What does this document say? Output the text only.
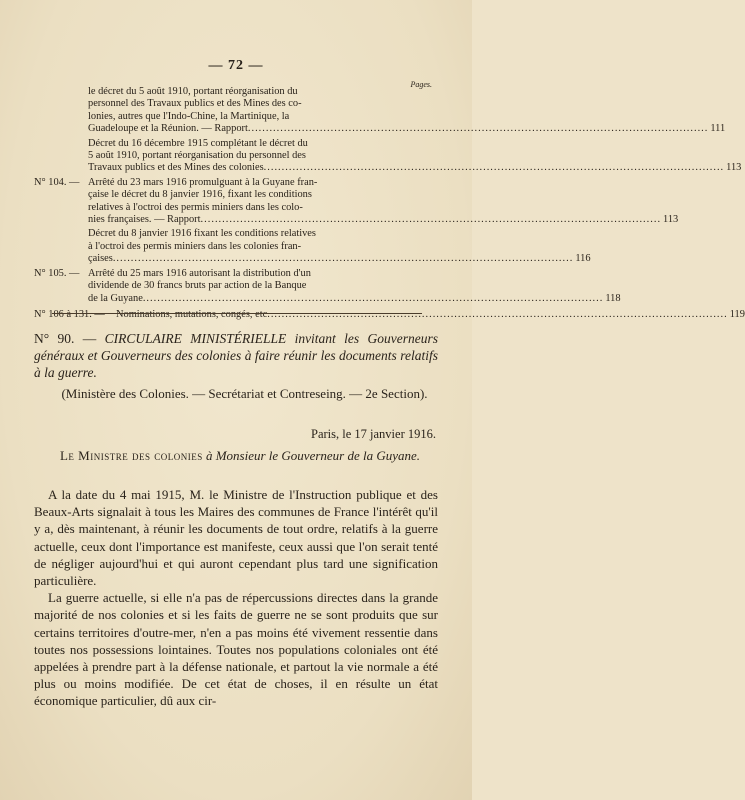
— 72 —
Pages.
le décret du 5 août 1910, portant réorganisation du
personnel des Travaux publics et des Mines des co-
lonies, autres que l'Indo-Chine, la Martinique, la
Guadeloupe et la Réunion. — Rapport .....	111
Décret du 16 décembre 1915 complétant le décret du
5 août 1910, portant réorganisation du personnel des
Travaux publics et des Mines des colonies .....	113
N° 104. — Arrêté du 23 mars 1916 promulguant à la Guyane fran-
çaise le décret du 8 janvier 1916, fixant les conditions
relatives à l'octroi des permis miniers dans les colo-
nies françaises. — Rapport .....	113
Décret du 8 janvier 1916 fixant les conditions relatives
à l'octroi des permis miniers dans les colonies fran-
çaises .....	116
N° 105. — Arrêté du 25 mars 1916 autorisant la distribution d'un
dividende de 30 francs bruts par action de la Banque
de la Guyane .....	118
N° 106 à 131. —	Nominations, mutations, congés, etc .....	119
N° 90. — CIRCULAIRE MINISTÉRIELLE invitant les Gouverneurs généraux et Gouverneurs des colonies à faire réunir les documents relatifs à la guerre.
(Ministère des Colonies. — Secrétariat et Contreseing. — 2e Section).
Paris, le 17 janvier 1916.
Le Ministre des colonies à Monsieur le Gouverneur de la Guyane.

A la date du 4 mai 1915, M. le Ministre de l'Instruction publique et des Beaux-Arts signalait à tous les Maires des communes de France l'intérêt qu'il y a, dès maintenant, à réunir les documents de tout ordre, relatifs à la guerre actuelle, ceux dont l'importance est manifeste, ceux aussi que l'on serait tenté de négliger aujourd'hui et qui auront cependant plus tard une signification particulière.

La guerre actuelle, si elle n'a pas de répercussions directes dans la grande majorité de nos colonies et si les faits de guerre ne se sont produits que sur certains territoires d'outre-mer, n'en a pas moins été vivement ressentie dans toutes nos possessions lointaines. Toutes nos populations coloniales ont été appelées à prendre part à la défense nationale, et partout la vie normale a été plus ou moins modifiée. De cet état de choses, il en résulte un état économique particulier, dû aux cir-
